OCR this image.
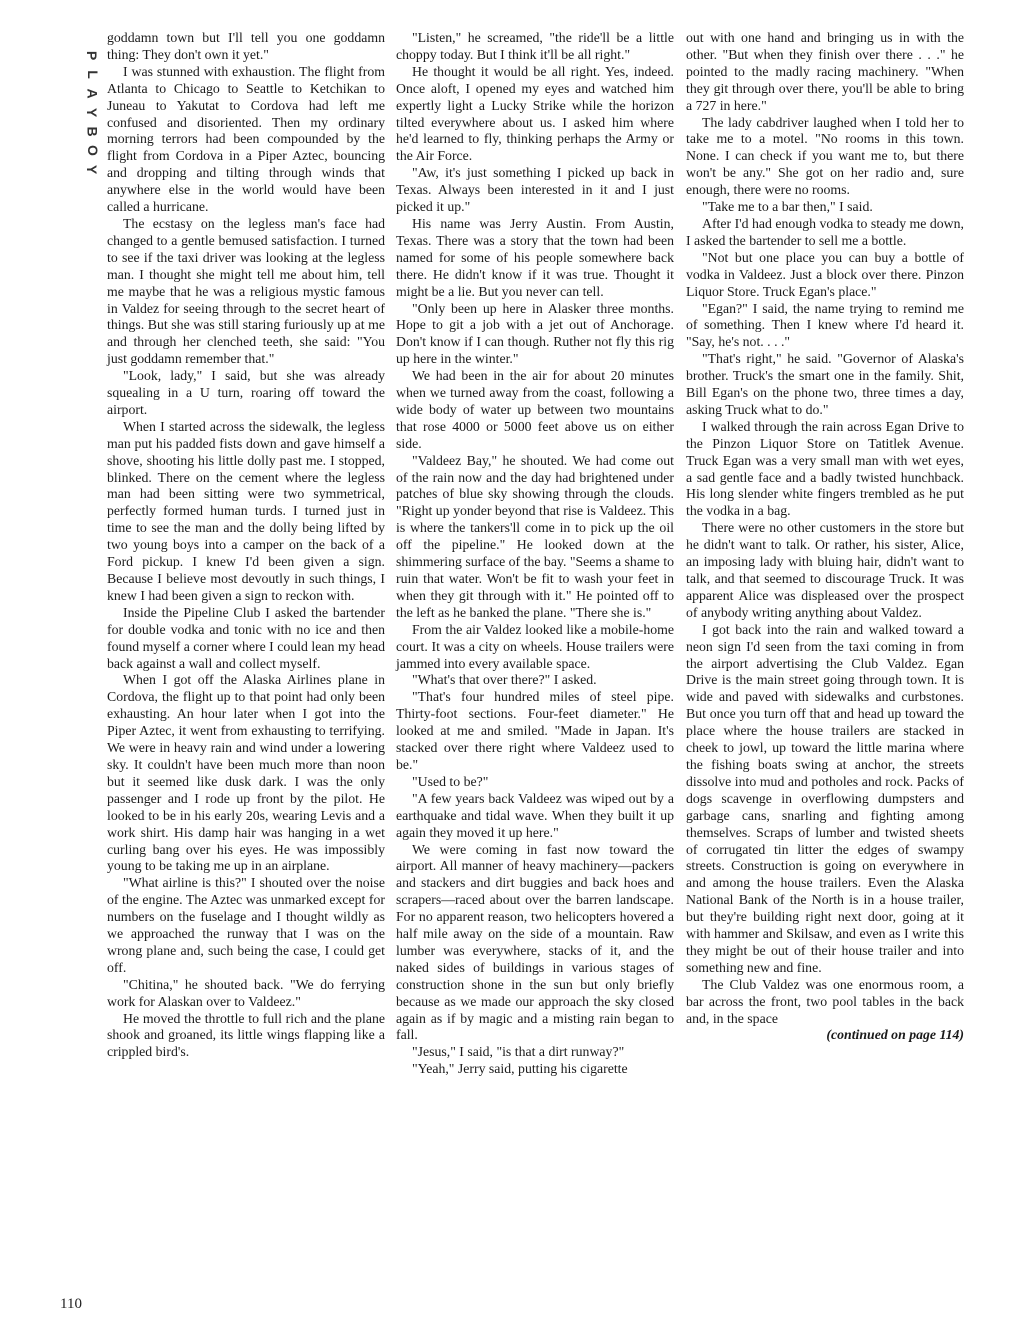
P
L
A
Y
B
O
Y

goddamn town but I'll tell you one goddamn thing: They don't own it yet."

I was stunned with exhaustion. The flight from Atlanta to Chicago to Seattle to Ketchikan to Juneau to Yakutat to Cordova had left me confused and disoriented. Then my ordinary morning terrors had been compounded by the flight from Cordova in a Piper Aztec, bouncing and dropping and tilting through winds that anywhere else in the world would have been called a hurricane.

The ecstasy on the legless man's face had changed to a gentle bemused satisfaction. I turned to see if the taxi driver was looking at the legless man. I thought she might tell me about him, tell me maybe that he was a religious mystic famous in Valdez for seeing through to the secret heart of things. But she was still staring furiously up at me and through her clenched teeth, she said: "You just goddamn remember that."

"Look, lady," I said, but she was already squealing in a U turn, roaring off toward the airport.

When I started across the sidewalk, the legless man put his padded fists down and gave himself a shove, shooting his little dolly past me. I stopped, blinked. There on the cement where the legless man had been sitting were two symmetrical, perfectly formed human turds. I turned just in time to see the man and the dolly being lifted by two young boys into a camper on the back of a Ford pickup. I knew I'd been given a sign. Because I believe most devoutly in such things, I knew I had been given a sign to reckon with.

Inside the Pipeline Club I asked the bartender for double vodka and tonic with no ice and then found myself a corner where I could lean my head back against a wall and collect myself.

When I got off the Alaska Airlines plane in Cordova, the flight up to that point had only been exhausting. An hour later when I got into the Piper Aztec, it went from exhausting to terrifying. We were in heavy rain and wind under a lowering sky. It couldn't have been much more than noon but it seemed like dusk dark. I was the only passenger and I rode up front by the pilot. He looked to be in his early 20s, wearing Levis and a work shirt. His damp hair was hanging in a wet curling bang over his eyes. He was impossibly young to be taking me up in an airplane.

"What airline is this?" I shouted over the noise of the engine. The Aztec was unmarked except for numbers on the fuselage and I thought wildly as we approached the runway that I was on the wrong plane and, such being the case, I could get off.

"Chitina," he shouted back. "We do ferrying work for Alaskan over to Valdeez."

He moved the throttle to full rich and the plane shook and groaned, its little wings flapping like a crippled bird's.

"Listen," he screamed, "the ride'll be a little choppy today. But I think it'll be all right."

He thought it would be all right. Yes, indeed. Once aloft, I opened my eyes and watched him expertly light a Lucky Strike while the horizon tilted everywhere about us. I asked him where he'd learned to fly, thinking perhaps the Army or the Air Force.

"Aw, it's just something I picked up back in Texas. Always been interested in it and I just picked it up."

His name was Jerry Austin. From Austin, Texas. There was a story that the town had been named for some of his people somewhere back there. He didn't know if it was true. Thought it might be a lie. But you never can tell.

"Only been up here in Alasker three months. Hope to git a job with a jet out of Anchorage. Don't know if I can though. Ruther not fly this rig up here in the winter."

We had been in the air for about 20 minutes when we turned away from the coast, following a wide body of water up between two mountains that rose 4000 or 5000 feet above us on either side.

"Valdeez Bay," he shouted. We had come out of the rain now and the day had brightened under patches of blue sky showing through the clouds. "Right up yonder beyond that rise is Valdeez. This is where the tankers'll come in to pick up the oil off the pipeline." He looked down at the shimmering surface of the bay. "Seems a shame to ruin that water. Won't be fit to wash your feet in when they git through with it." He pointed off to the left as he banked the plane. "There she is."

From the air Valdez looked like a mobile-home court. It was a city on wheels. House trailers were jammed into every available space.

"What's that over there?" I asked.

"That's four hundred miles of steel pipe. Thirty-foot sections. Four-feet diameter." He looked at me and smiled. "Made in Japan. It's stacked over there right where Valdeez used to be."

"Used to be?"

"A few years back Valdeez was wiped out by a earthquake and tidal wave. When they built it up again they moved it up here."

We were coming in fast now toward the airport. All manner of heavy machinery—packers and stackers and dirt buggies and back hoes and scrapers—raced about over the barren landscape. For no apparent reason, two helicopters hovered a half mile away on the side of a mountain. Raw lumber was everywhere, stacks of it, and the naked sides of buildings in various stages of construction shone in the sun but only briefly because as we made our approach the sky closed again as if by magic and a misting rain began to fall.

"Jesus," I said, "is that a dirt runway?"

"Yeah," Jerry said, putting his cigarette

out with one hand and bringing us in with the other. "But when they finish over there . . ." he pointed to the madly racing machinery. "When they git through over there, you'll be able to bring a 727 in here."

The lady cabdriver laughed when I told her to take me to a motel. "No rooms in this town. None. I can check if you want me to, but there won't be any." She got on her radio and, sure enough, there were no rooms.

"Take me to a bar then," I said.

After I'd had enough vodka to steady me down, I asked the bartender to sell me a bottle.

"Not but one place you can buy a bottle of vodka in Valdeez. Just a block over there. Pinzon Liquor Store. Truck Egan's place."

"Egan?" I said, the name trying to remind me of something. Then I knew where I'd heard it. "Say, he's not. . . ."

"That's right," he said. "Governor of Alaska's brother. Truck's the smart one in the family. Shit, Bill Egan's on the phone two, three times a day, asking Truck what to do."

I walked through the rain across Egan Drive to the Pinzon Liquor Store on Tatitlek Avenue. Truck Egan was a very small man with wet eyes, a sad gentle face and a badly twisted hunchback. His long slender white fingers trembled as he put the vodka in a bag.

There were no other customers in the store but he didn't want to talk. Or rather, his sister, Alice, an imposing lady with bluing hair, didn't want to talk, and that seemed to discourage Truck. It was apparent Alice was displeased over the prospect of anybody writing anything about Valdez.

I got back into the rain and walked toward a neon sign I'd seen from the taxi coming in from the airport advertising the Club Valdez. Egan Drive is the main street going through town. It is wide and paved with sidewalks and curbstones. But once you turn off that and head up toward the place where the house trailers are stacked in cheek to jowl, up toward the little marina where the fishing boats swing at anchor, the streets dissolve into mud and potholes and rock. Packs of dogs scavenge in overflowing dumpsters and garbage cans, snarling and fighting among themselves. Scraps of lumber and twisted sheets of corrugated tin litter the edges of swampy streets. Construction is going on everywhere in and among the house trailers. Even the Alaska National Bank of the North is in a house trailer, but they're building right next door, going at it with hammer and Skilsaw, and even as I write this they might be out of their house trailer and into something new and fine.

The Club Valdez was one enormous room, a bar across the front, two pool tables in the back and, in the space

(continued on page 114)

110
